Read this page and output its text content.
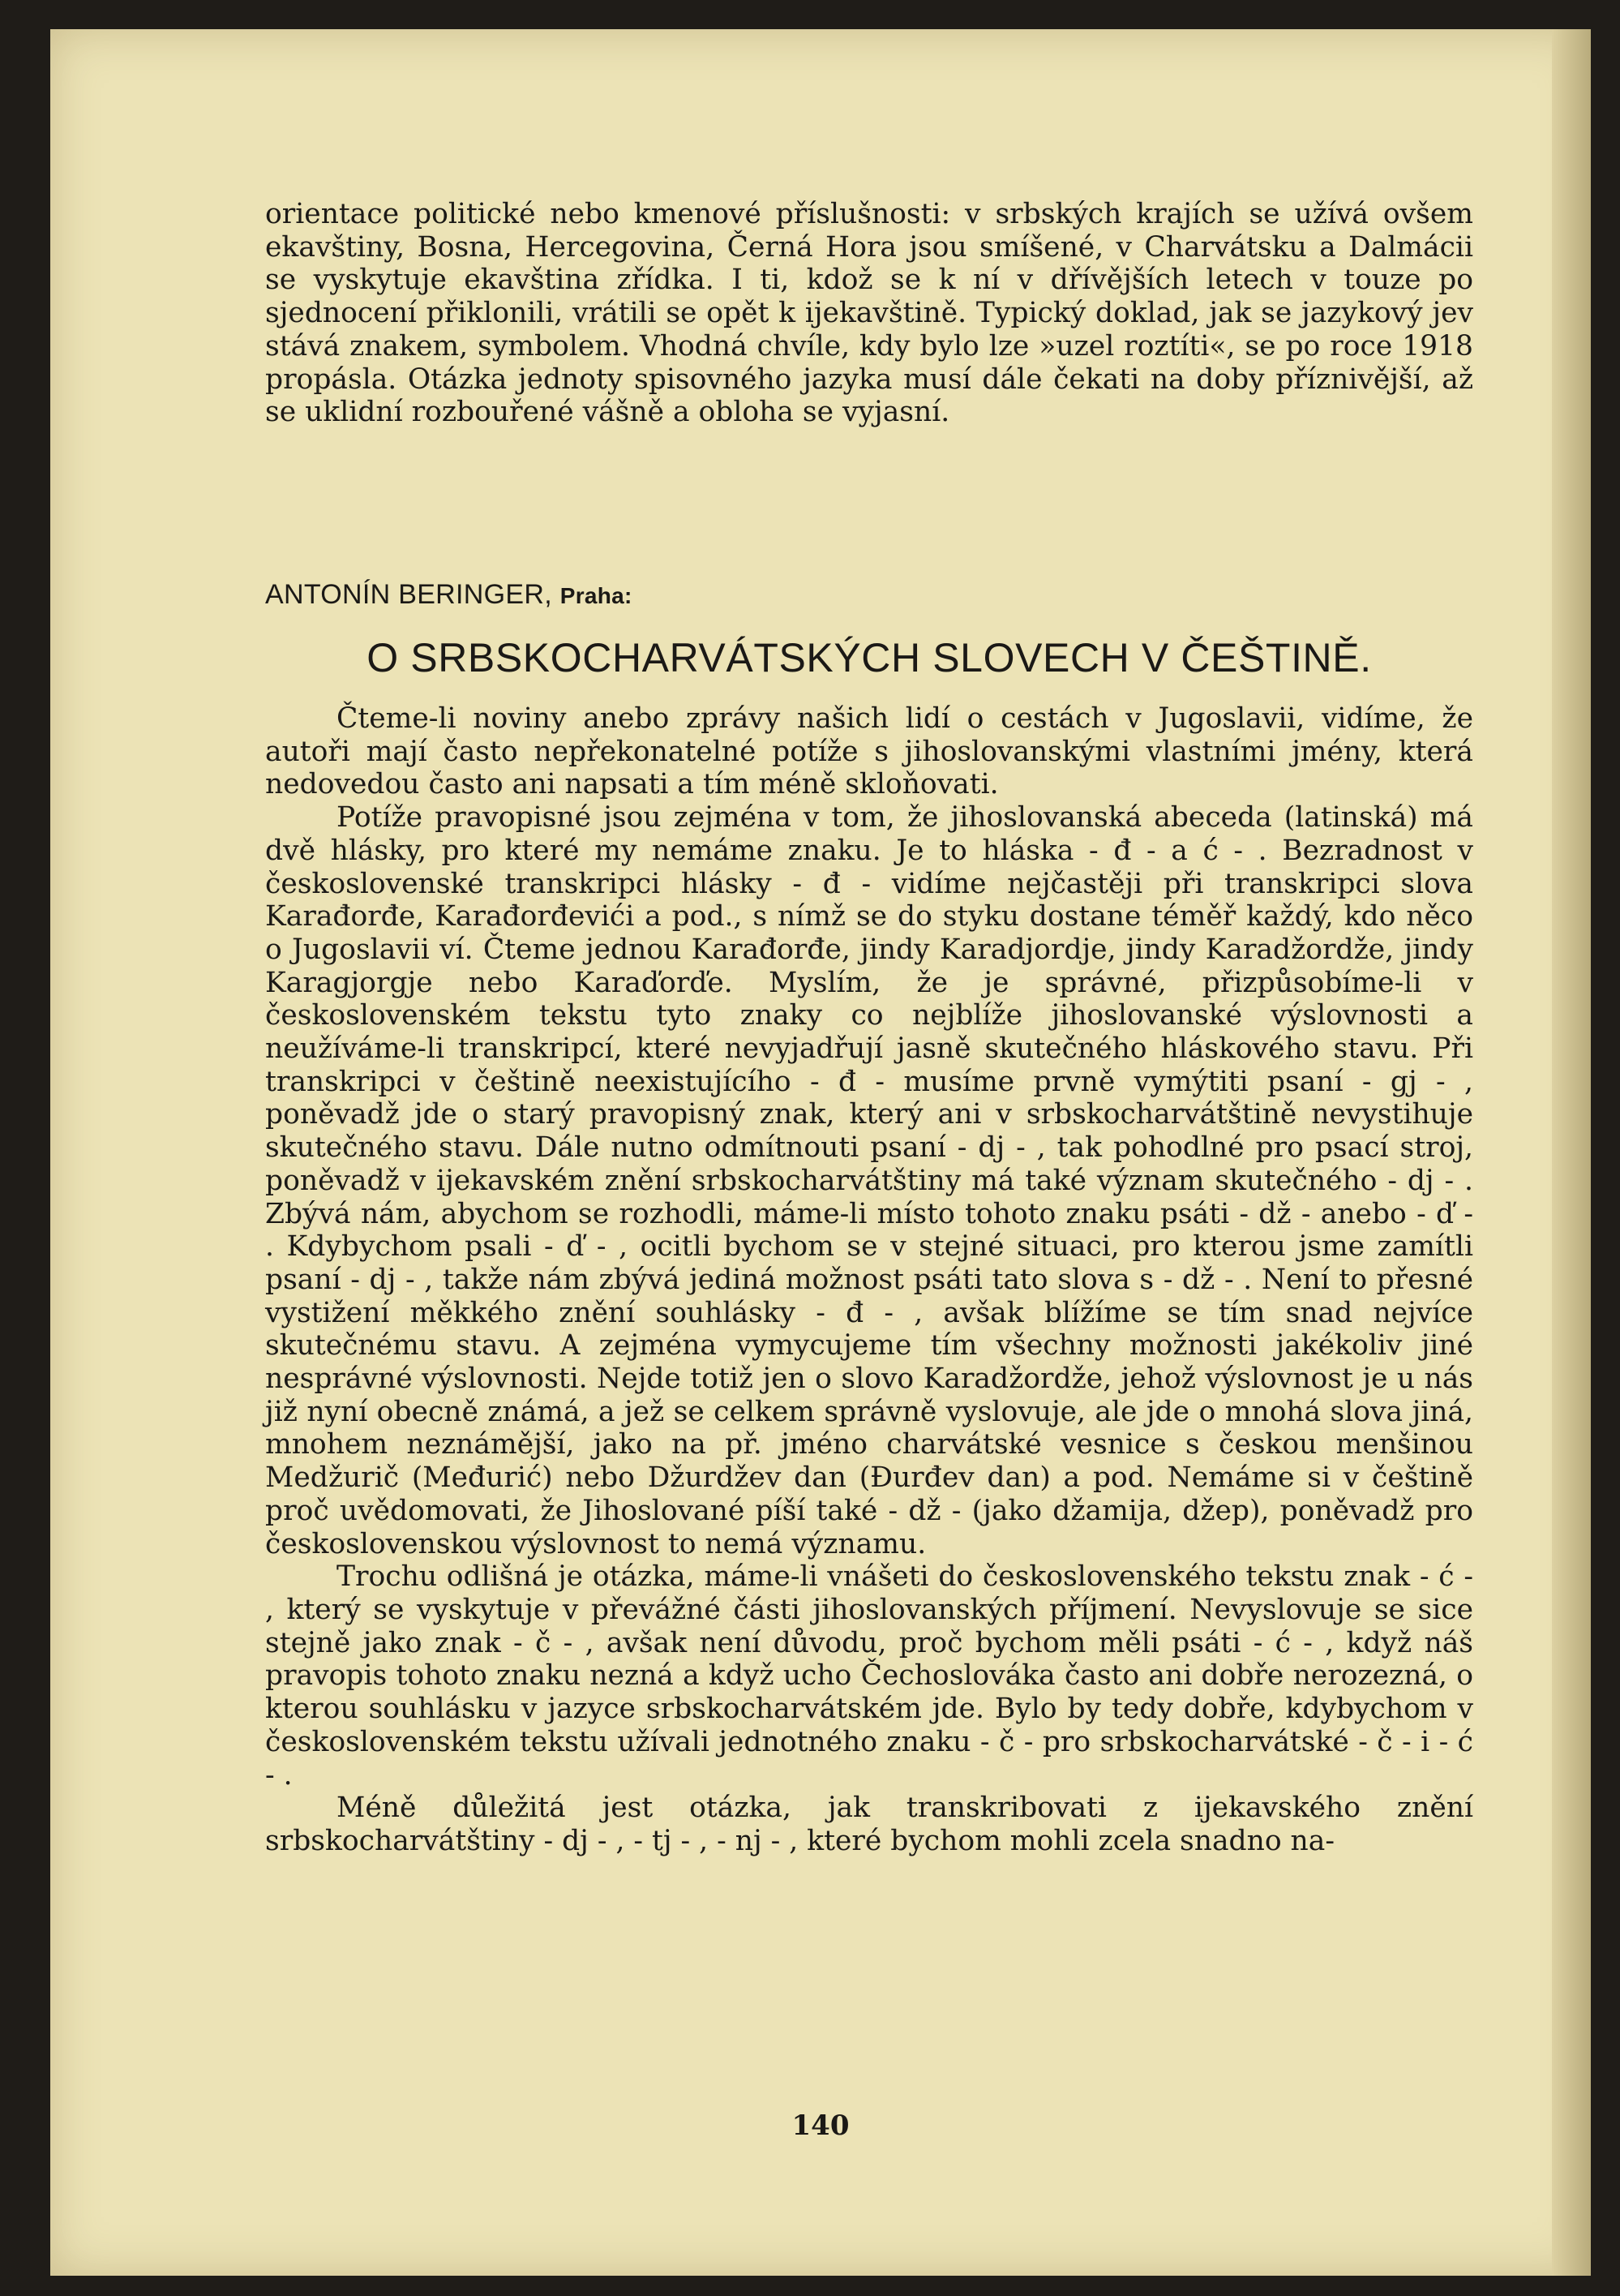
orientace politické nebo kmenové příslušnosti: v srbských krajích se užívá ovšem ekavštiny, Bosna, Hercegovina, Černá Hora jsou smíšené, v Charvátsku a Dalmácii se vyskytuje ekavština zřídka. I ti, kdož se k ní v dřívějších letech v touze po sjednocení přiklonili, vrátili se opět k ijekavštině. Typický doklad, jak se jazykový jev stává znakem, symbolem. Vhodná chvíle, kdy bylo lze »uzel roztíti«, se po roce 1918 propásla. Otázka jednoty spisovného jazyka musí dále čekati na doby příznivější, až se uklidní rozbouřené vášně a obloha se vyjasní.

ANTONÍN BERINGER, Praha:
O SRBSKOCHARVÁTSKÝCH SLOVECH V ČEŠTINĚ.

Čteme-li noviny anebo zprávy našich lidí o cestách v Jugoslavii, vidíme, že autoři mají často nepřekonatelné potíže s jihoslovanskými vlastními jmény, která nedovedou často ani napsati a tím méně skloňovati.

Potíže pravopisné jsou zejména v tom, že jihoslovanská abeceda (latinská) má dvě hlásky, pro které my nemáme znaku. Je to hláska - đ - a ć - . Bezradnost v československé transkripci hlásky - đ - vidíme nejčastěji při transkripci slova Karađorđe, Karađorđevići a pod., s nímž se do styku dostane téměř každý, kdo něco o Jugoslavii ví. Čteme jednou Karađorđe, jindy Karadjordje, jindy Karadžordže, jindy Karagjorgje nebo Karaďorďe. Myslím, že je správné, přizpůsobíme-li v československém tekstu tyto znaky co nejblíže jihoslovanské výslovnosti a neužíváme-li transkripcí, které nevyjadřují jasně skutečného hláskového stavu. Při transkripci v češtině neexistujícího - đ - musíme prvně vymýtiti psaní - gj - , poněvadž jde o starý pravopisný znak, který ani v srbskocharvátštině nevystihuje skutečného stavu. Dále nutno odmítnouti psaní - dj - , tak pohodlné pro psací stroj, poněvadž v ijekavském znění srbskocharvátštiny má také význam skutečného - dj - . Zbývá nám, abychom se rozhodli, máme-li místo tohoto znaku psáti - dž - anebo - ď - . Kdybychom psali - ď - , ocitli bychom se v stejné situaci, pro kterou jsme zamítli psaní - dj - , takže nám zbývá jediná možnost psáti tato slova s - dž - . Není to přesné vystižení měkkého znění souhlásky - đ - , avšak blížíme se tím snad nejvíce skutečnému stavu. A zejména vymycujeme tím všechny možnosti jakékoliv jiné nesprávné výslovnosti. Nejde totiž jen o slovo Karadžordže, jehož výslovnost je u nás již nyní obecně známá, a jež se celkem správně vyslovuje, ale jde o mnohá slova jiná, mnohem neznámější, jako na př. jméno charvátské vesnice s českou menšinou Medžurič (Međurić) nebo Džurdžev dan (Đurđev dan) a pod. Nemáme si v češtině proč uvědomovati, že Jihoslované píší také - dž - (jako džamija, džep), poněvadž pro československou výslovnost to nemá významu.

Trochu odlišná je otázka, máme-li vnášeti do československého tekstu znak - ć - , který se vyskytuje v převážné části jihoslovanských příjmení. Nevyslovuje se sice stejně jako znak - č - , avšak není důvodu, proč bychom měli psáti - ć - , když náš pravopis tohoto znaku nezná a když ucho Čechoslováka často ani dobře nerozezná, o kterou souhlásku v jazyce srbskocharvátském jde. Bylo by tedy dobře, kdybychom v československém tekstu užívali jednotného znaku - č - pro srbskocharvátské - č - i - ć - .

Méně důležitá jest otázka, jak transkribovati z ijekavského znění srbskocharvátštiny - dj - , - tj - , - nj - , které bychom mohli zcela snadno na-

140
